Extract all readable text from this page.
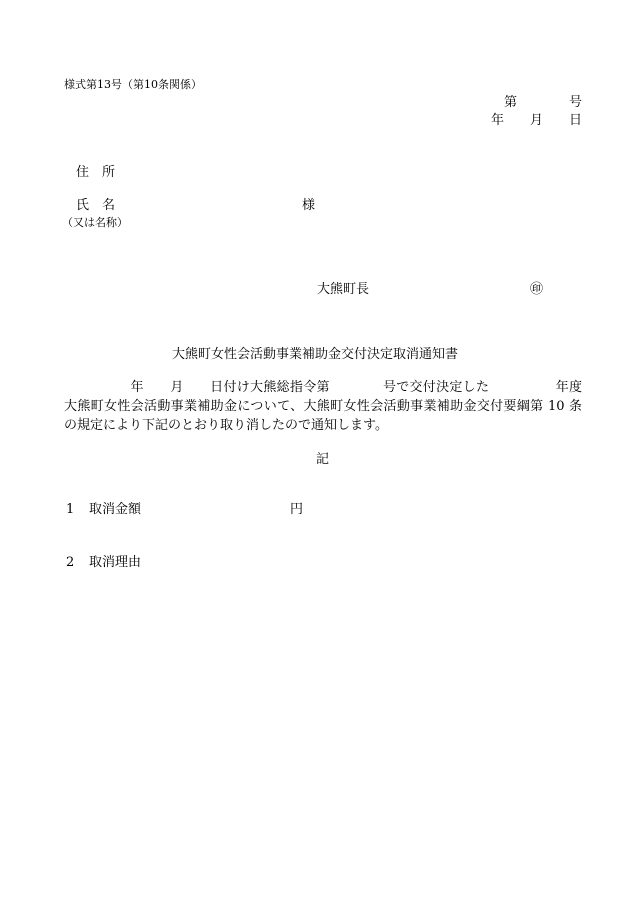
様式第13号（第10条関係）
第　　　　号
年　　月　　日
住　所
氏　名	様
（又は名称）
大熊町長	㊞
大熊町女性会活動事業補助金交付決定取消通知書
　　　　　年　　月　　日付け大熊総指令第　　　　号で交付決定した　　　　　年度
大熊町女性会活動事業補助金について、大熊町女性会活動事業補助金交付要綱第 10 条
の規定により下記のとおり取り消したので通知します。
記
1 取消金額	円
2 取消理由
